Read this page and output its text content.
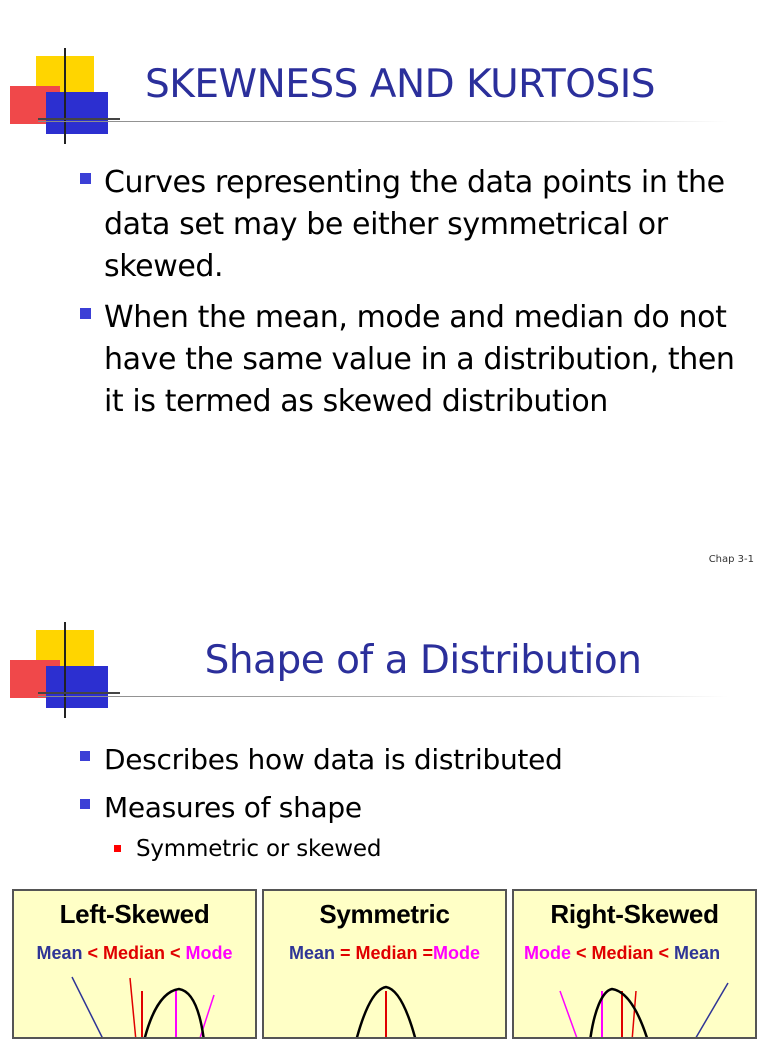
SKEWNESS AND KURTOSIS
Curves representing the data points in the data set may be either symmetrical or skewed.
When the mean, mode and median do not have the same value in a distribution, then it is termed as skewed distribution
Chap 3-1
Shape of a Distribution
Describes how data is distributed
Measures of shape
Symmetric or skewed
Left-Skewed
Mean < Median < Mode
Symmetric
Mean = Median =Mode
Right-Skewed
Mode < Median < Mean
